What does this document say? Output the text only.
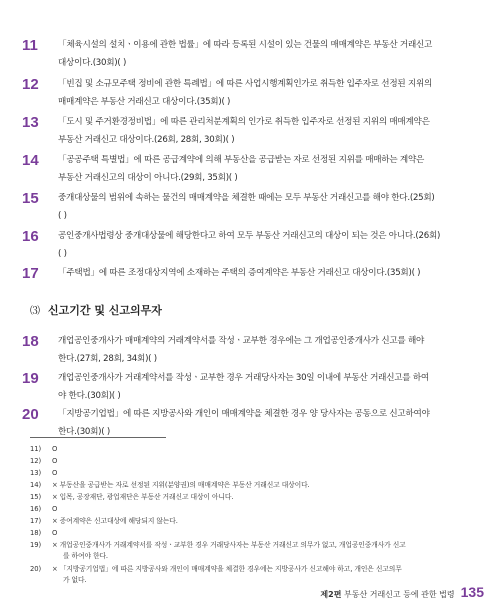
11	「체육시설의 설치ㆍ이용에 관한 법률」에 따라 등록된 시설이 있는 건물의 매매계약은 부동산 거래신고
대상이다.(30회)( )
12	「빈집 및 소규모주택 정비에 관한 특례법」에 따른 사업시행계획인가로 취득한 입주자로 선정된 지위의
매매계약은 부동산 거래신고 대상이다.(35회)( )
13	「도시 및 주거환경정비법」에 따른 관리처분계획의 인가로 취득한 입주자로 선정된 지위의 매매계약은
부동산 거래신고 대상이다.(26회, 28회, 30회)( )
14	「공공주택 특별법」에 따른 공급계약에 의해 부동산을 공급받는 자로 선정된 지위를 매매하는 계약은
부동산 거래신고의 대상이 아니다.(29회, 35회)( )
15	중개대상물의 범위에 속하는 물건의 매매계약을 체결한 때에는 모두 부동산 거래신고를 해야 한다.(25회)
( )
16	공인중개사법령상 중개대상물에 해당한다고 하여 모두 부동산 거래신고의 대상이 되는 것은 아니다.(26회)
( )
17	「주택법」에 따른 조정대상지역에 소재하는 주택의 증여계약은 부동산 거래신고 대상이다.(35회)( )
⑶ 신고기간 및 신고의무자
18	개업공인중개사가 매매계약의 거래계약서를 작성ㆍ교부한 경우에는 그 개업공인중개사가 신고를 해야
한다.(27회, 28회, 34회)( )
19	개업공인중개사가 거래계약서를 작성ㆍ교부한 경우 거래당사자는 30일 이내에 부동산 거래신고를 하여
야 한다.(30회)( )
20	「지방공기업법」에 따른 지방공사와 개인이 매매계약을 체결한 경우 양 당사자는 공동으로 신고하여야
한다.(30회)( )
11) O
12) O
13) O
14) × 부동산을 공급받는 자로 선정된 지위(분양권)의 매매계약은 부동산 거래신고 대상이다.
15) × 입목, 공장재단, 광업재단은 부동산 거래신고 대상이 아니다.
16) O
17) × 증여계약은 신고대상에 해당되지 않는다.
18) O
19) × 개업공인중개사가 거래계약서를 작성ㆍ교부한 경우 거래당사자는 부동산 거래신고 의무가 없고, 개업공인중개사가 신고
를 하여야 한다.
20) × 「지방공기업법」에 따른 지방공사와 개인이 매매계약을 체결한 경우에는 지방공사가 신고해야 하고, 개인은 신고의무
가 없다.
제2편 부동산 거래신고 등에 관한 법령 135
